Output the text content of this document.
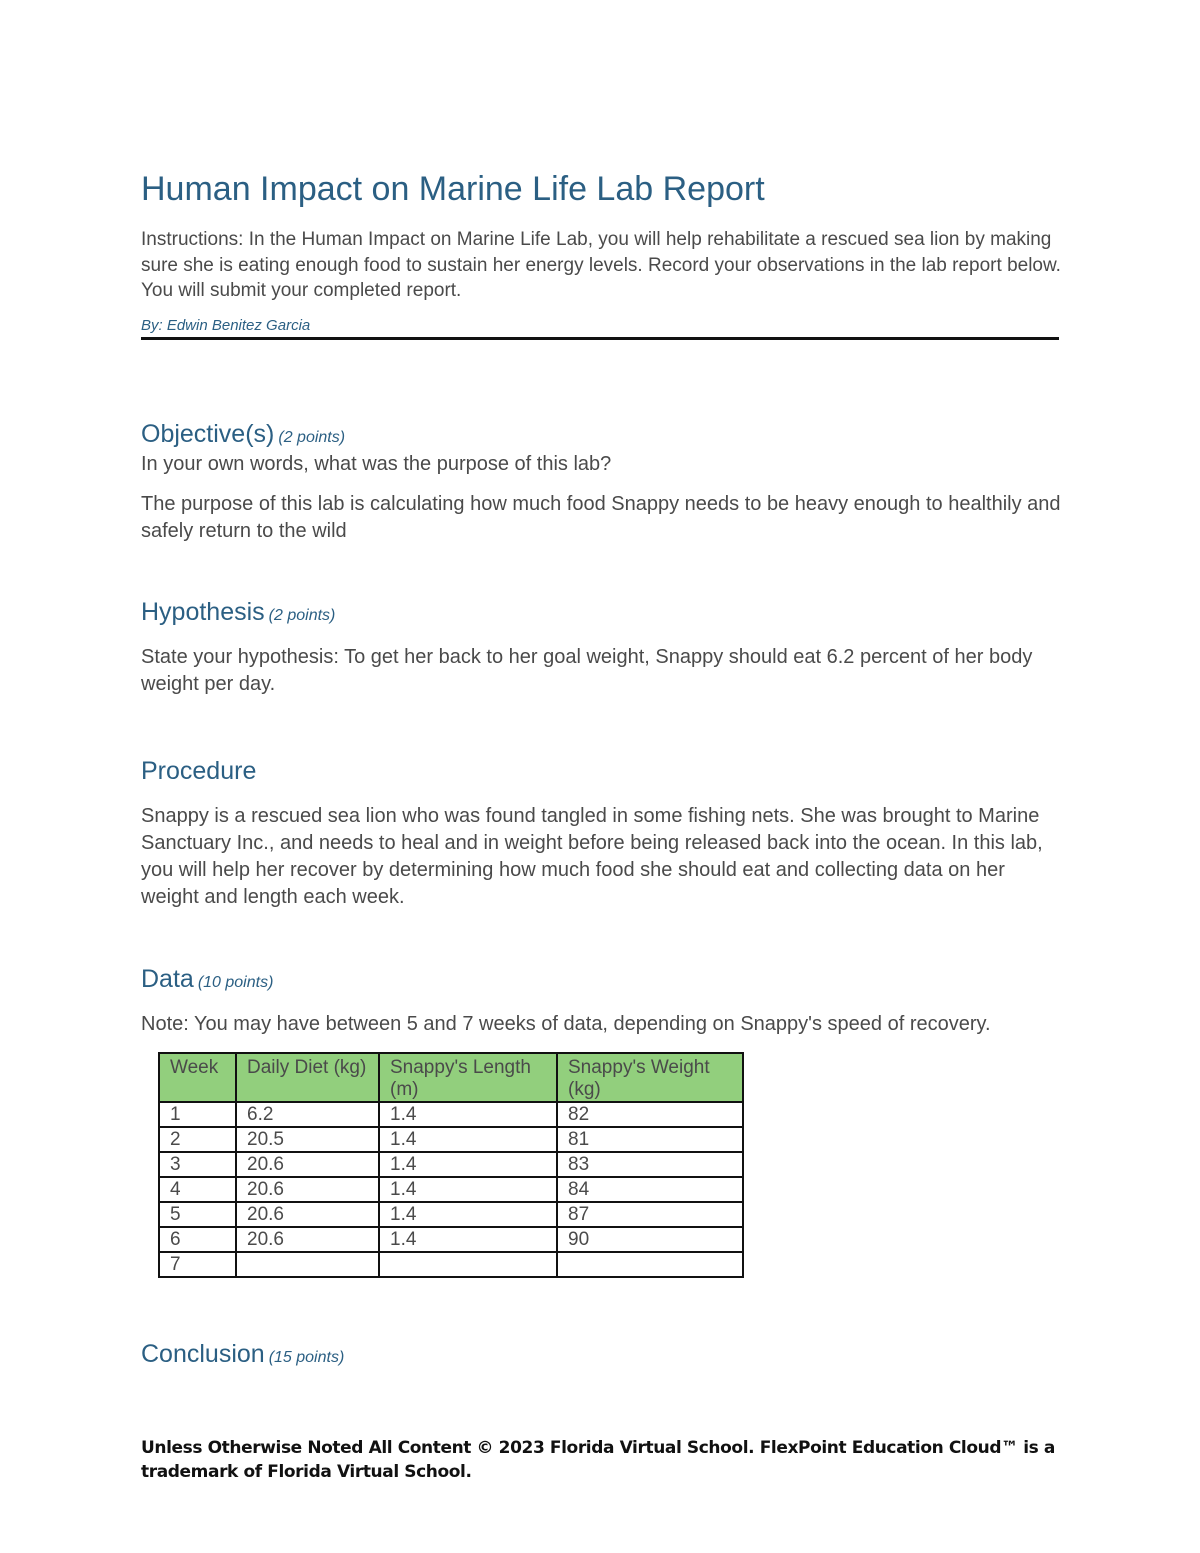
Human Impact on Marine Life Lab Report

Instructions: In the Human Impact on Marine Life Lab, you will help rehabilitate a rescued sea lion by making sure she is eating enough food to sustain her energy levels. Record your observations in the lab report below. You will submit your completed report.

By: Edwin Benitez Garcia

Objective(s) (2 points)

In your own words, what was the purpose of this lab?

The purpose of this lab is calculating how much food Snappy needs to be heavy enough to healthily and safely return to the wild

Hypothesis (2 points)

State your hypothesis: To get her back to her goal weight, Snappy should eat 6.2 percent of her body weight per day.

Procedure

Snappy is a rescued sea lion who was found tangled in some fishing nets. She was brought to Marine Sanctuary Inc., and needs to heal and in weight before being released back into the ocean. In this lab, you will help her recover by determining how much food she should eat and collecting data on her weight and length each week.

Data (10 points)

Note: You may have between 5 and 7 weeks of data, depending on Snappy's speed of recovery.

Week	Daily Diet (kg)	Snappy's Length (m)	Snappy's Weight (kg)
1	6.2	1.4	82
2	20.5	1.4	81
3	20.6	1.4	83
4	20.6	1.4	84
5	20.6	1.4	87
6	20.6	1.4	90
7			
Conclusion (15 points)

Unless Otherwise Noted All Content © 2023 Florida Virtual School. FlexPoint Education Cloud™ is a trademark of Florida Virtual School.
